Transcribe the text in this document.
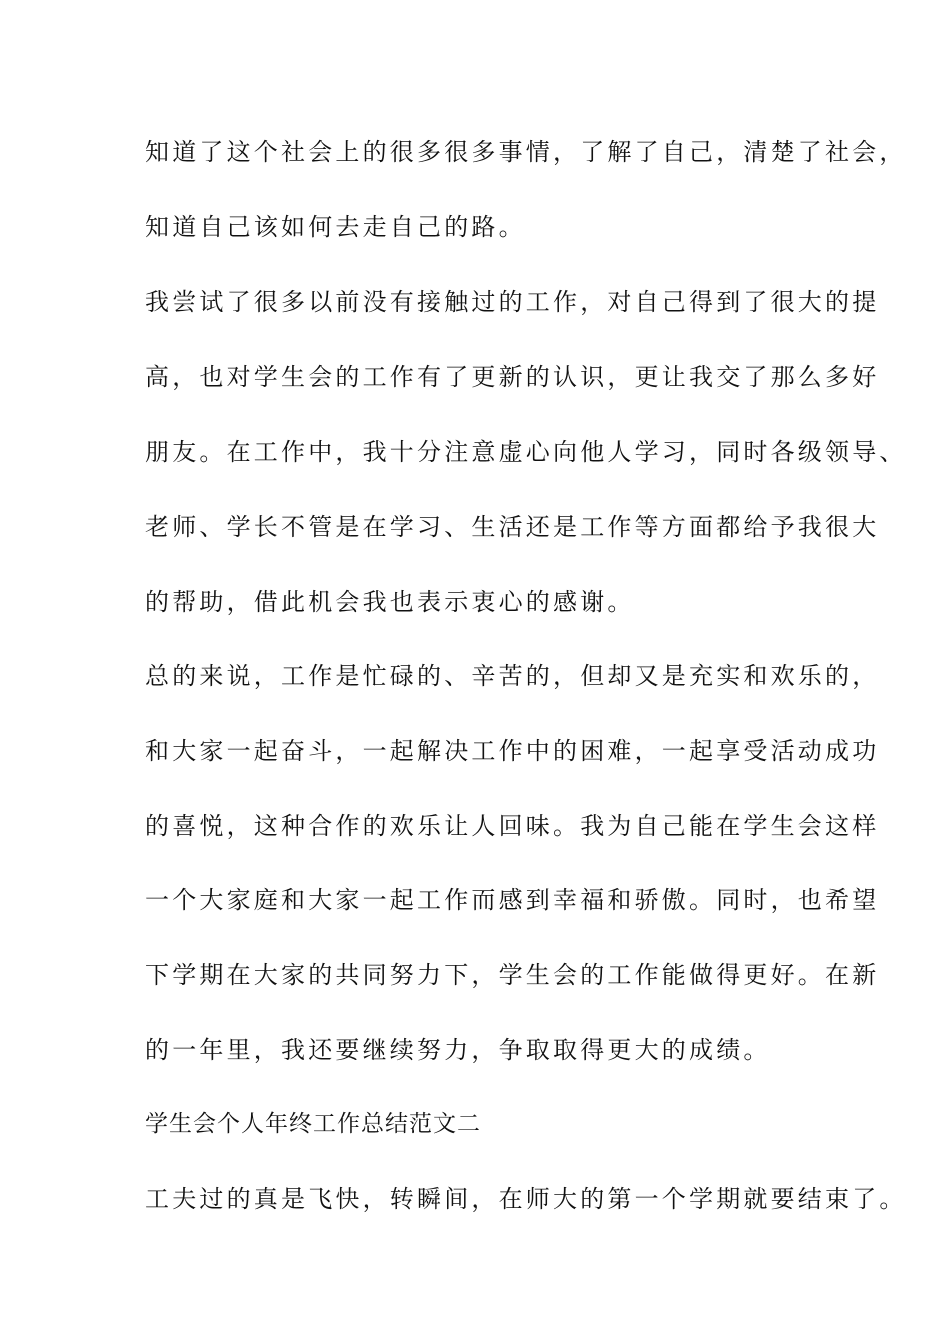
知道了这个社会上的很多很多事情，了解了自己，清楚了社会，
知道自己该如何去走自己的路。
我尝试了很多以前没有接触过的工作，对自己得到了很大的提
高，也对学生会的工作有了更新的认识，更让我交了那么多好
朋友。在工作中，我十分注意虚心向他人学习，同时各级领导、
老师、学长不管是在学习、生活还是工作等方面都给予我很大
的帮助，借此机会我也表示衷心的感谢。
总的来说，工作是忙碌的、辛苦的，但却又是充实和欢乐的，
和大家一起奋斗，一起解决工作中的困难，一起享受活动成功
的喜悦，这种合作的欢乐让人回味。我为自己能在学生会这样
一个大家庭和大家一起工作而感到幸福和骄傲。同时，也希望
下学期在大家的共同努力下，学生会的工作能做得更好。在新
的一年里，我还要继续努力，争取取得更大的成绩。
学生会个人年终工作总结范文二
工夫过的真是飞快，转瞬间，在师大的第一个学期就要结束了。
